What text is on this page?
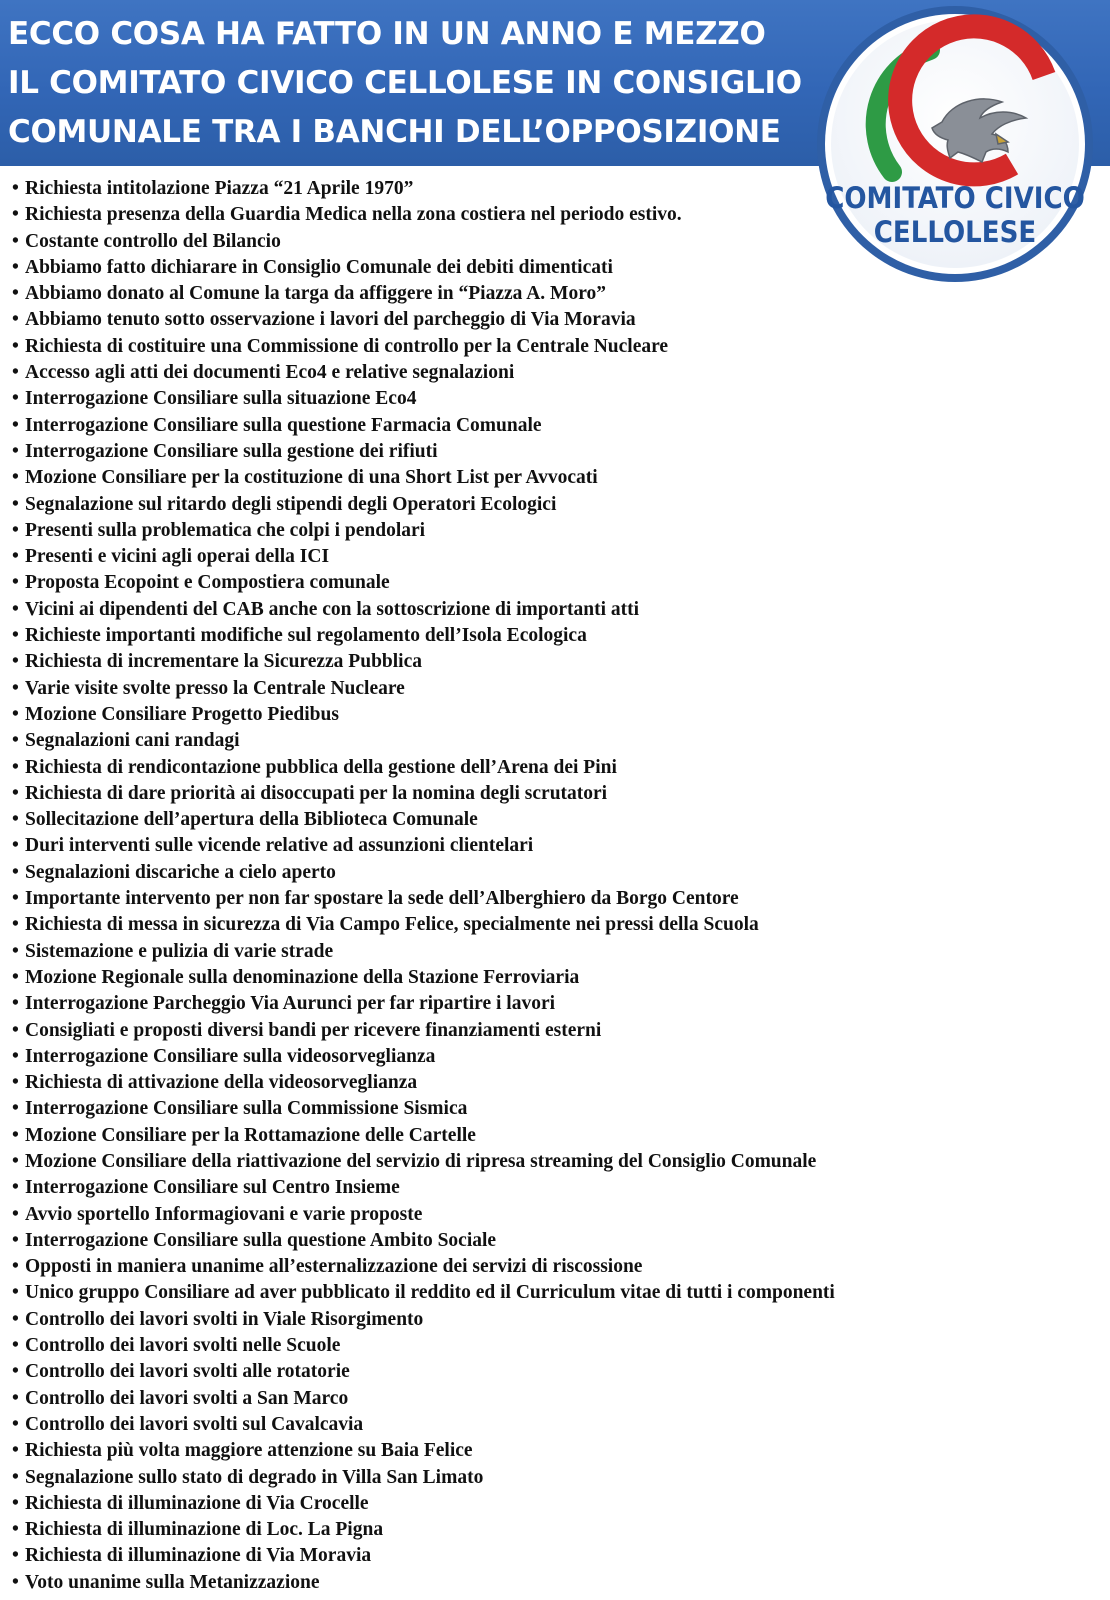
ECCO COSA HA FATTO IN UN ANNO E MEZZO
IL COMITATO CIVICO CELLOLESE IN CONSIGLIO
COMUNALE TRA I BANCHI DELL’OPPOSIZIONE
COMITATO CIVICO
CELLOLESE
• Richiesta intitolazione Piazza “21 Aprile 1970”
• Richiesta presenza della Guardia Medica nella zona costiera nel periodo estivo.
• Costante controllo del Bilancio
• Abbiamo fatto dichiarare in Consiglio Comunale dei debiti dimenticati
• Abbiamo donato al Comune la targa da affiggere in “Piazza A. Moro”
• Abbiamo tenuto sotto osservazione i lavori del parcheggio di Via Moravia
• Richiesta di costituire una Commissione di controllo per la Centrale Nucleare
• Accesso agli atti dei documenti Eco4 e relative segnalazioni
• Interrogazione Consiliare sulla situazione Eco4
• Interrogazione Consiliare sulla questione Farmacia Comunale
• Interrogazione Consiliare sulla gestione dei rifiuti
• Mozione Consiliare per la costituzione di una Short List per Avvocati
• Segnalazione sul ritardo degli stipendi degli Operatori Ecologici
• Presenti sulla problematica che colpi i pendolari
• Presenti e vicini agli operai della ICI
• Proposta Ecopoint e Compostiera comunale
• Vicini ai dipendenti del CAB anche con la sottoscrizione di importanti atti
• Richieste importanti modifiche sul regolamento dell’Isola Ecologica
• Richiesta di incrementare la Sicurezza Pubblica
• Varie visite svolte presso la Centrale Nucleare
• Mozione Consiliare Progetto Piedibus
• Segnalazioni cani randagi
• Richiesta di rendicontazione pubblica della gestione dell’Arena dei Pini
• Richiesta di dare priorità ai disoccupati per la nomina degli scrutatori
• Sollecitazione dell’apertura della Biblioteca Comunale
• Duri interventi sulle vicende relative ad assunzioni clientelari
• Segnalazioni discariche a cielo aperto
• Importante intervento per non far spostare la sede dell’Alberghiero da Borgo Centore
• Richiesta di messa in sicurezza di Via Campo Felice, specialmente nei pressi della Scuola
• Sistemazione e pulizia di varie strade
• Mozione Regionale sulla denominazione della Stazione Ferroviaria
• Interrogazione Parcheggio Via Aurunci per far ripartire i lavori
• Consigliati e proposti diversi bandi per ricevere finanziamenti esterni
• Interrogazione Consiliare sulla videosorveglianza
• Richiesta di attivazione della videosorveglianza
• Interrogazione Consiliare sulla Commissione Sismica
• Mozione Consiliare per la Rottamazione delle Cartelle
• Mozione Consiliare della riattivazione del servizio di ripresa streaming del Consiglio Comunale
• Interrogazione Consiliare sul Centro Insieme
• Avvio sportello Informagiovani e varie proposte
• Interrogazione Consiliare sulla questione Ambito Sociale
• Opposti in maniera unanime all’esternalizzazione dei servizi di riscossione
• Unico gruppo Consiliare ad aver pubblicato il reddito ed il Curriculum vitae di tutti i componenti
• Controllo dei lavori svolti in Viale Risorgimento
• Controllo dei lavori svolti nelle Scuole
• Controllo dei lavori svolti alle rotatorie
• Controllo dei lavori svolti a San Marco
• Controllo dei lavori svolti sul Cavalcavia
• Richiesta più volta maggiore attenzione su Baia Felice
• Segnalazione sullo stato di degrado in Villa San Limato
• Richiesta di illuminazione di Via Crocelle
• Richiesta di illuminazione di Loc. La Pigna
• Richiesta di illuminazione di Via Moravia
• Voto unanime sulla Metanizzazione
